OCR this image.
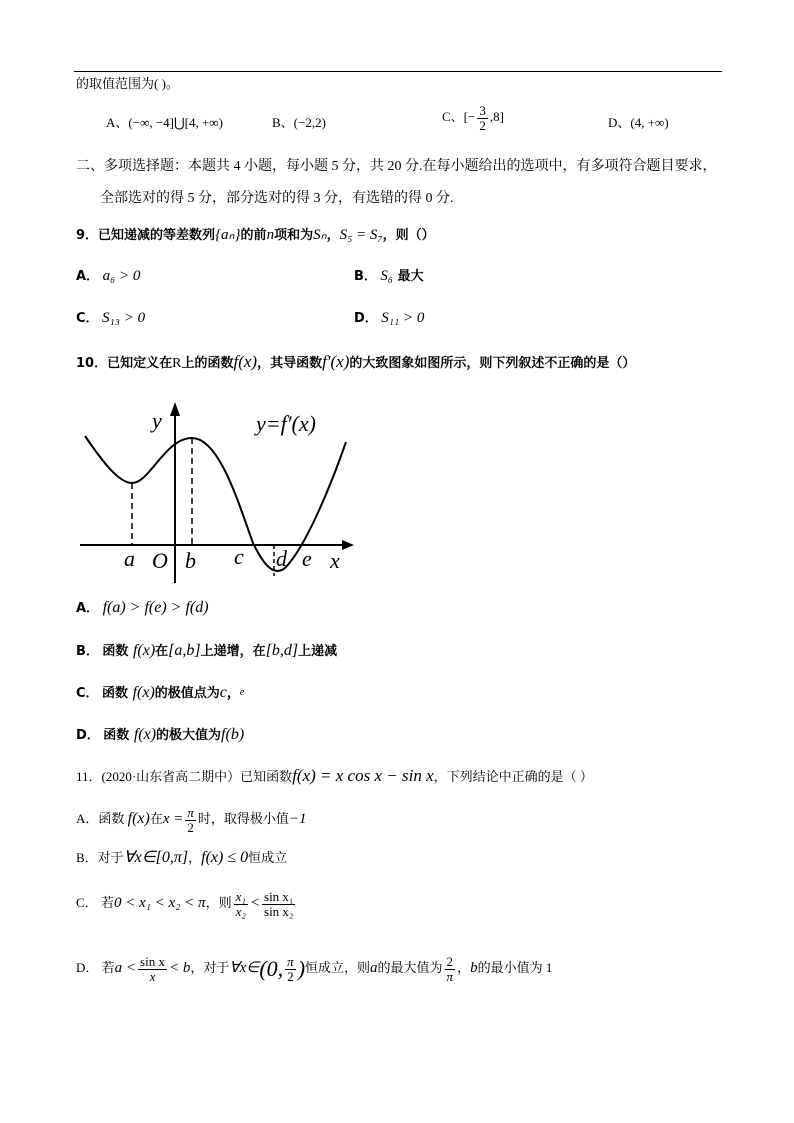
的取值范围为( )。
A、(−∞, −4]⋃[4, +∞)	B、(−2,2)	C、[− $\frac{3}{2} ,8$]	D、(4, +∞)
二、多项选择题：本题共 4 小题，每小题 5 分，共 20 分.在每小题给出的选项中，有多项符合题目要求，
全部选对的得 5 分，部分选对的得 3 分，有选错的得 0 分.
9．已知递减的等差数列{aₙ}的前n项和为Sₙ，S₅ = S₇，则（）
A． a₆ > 0	B． S₆ 最大
C． S₁₃ > 0	D． S₁₁ > 0
10．已知定义在R上的函数f(x)，其导函数f′(x)的大致图象如图所示，则下列叙述不正确的是（）
y	y=f′(x)
x
a O b c d e
A． f(a) > f(e) > f(d)
B． 函数 f(x)在[a,b]上递增，在[b,d]上递减
C． 函数 f(x)的极值点为c，$^e$
D． 函数 f(x)的极大值为f(b)
11．(2020·山东省高二期中）已知函数f(x) = x cos x − sin x，下列结论中正确的是（ ）
A．函数 f(x)在$x = \frac{\pi}{2}$ 时，取得极小值−1
B．对于∀x∈[0,π]，f(x) ≤ 0恒成立
C． 若0 < x₁ < x₂ < π，则 $\frac{\text{x₁}}{\text{x₂}} < \frac{\text{sin x₁}}{\text{sin x₂}}$
D． 若$a < \frac{\text{sin x}}{x} < b$，对于∀x∈(0, $\frac{\pi}{2}$ )恒成立，则a的最大值为 $\frac{2}{\pi}$ ，b的最小值为 1
